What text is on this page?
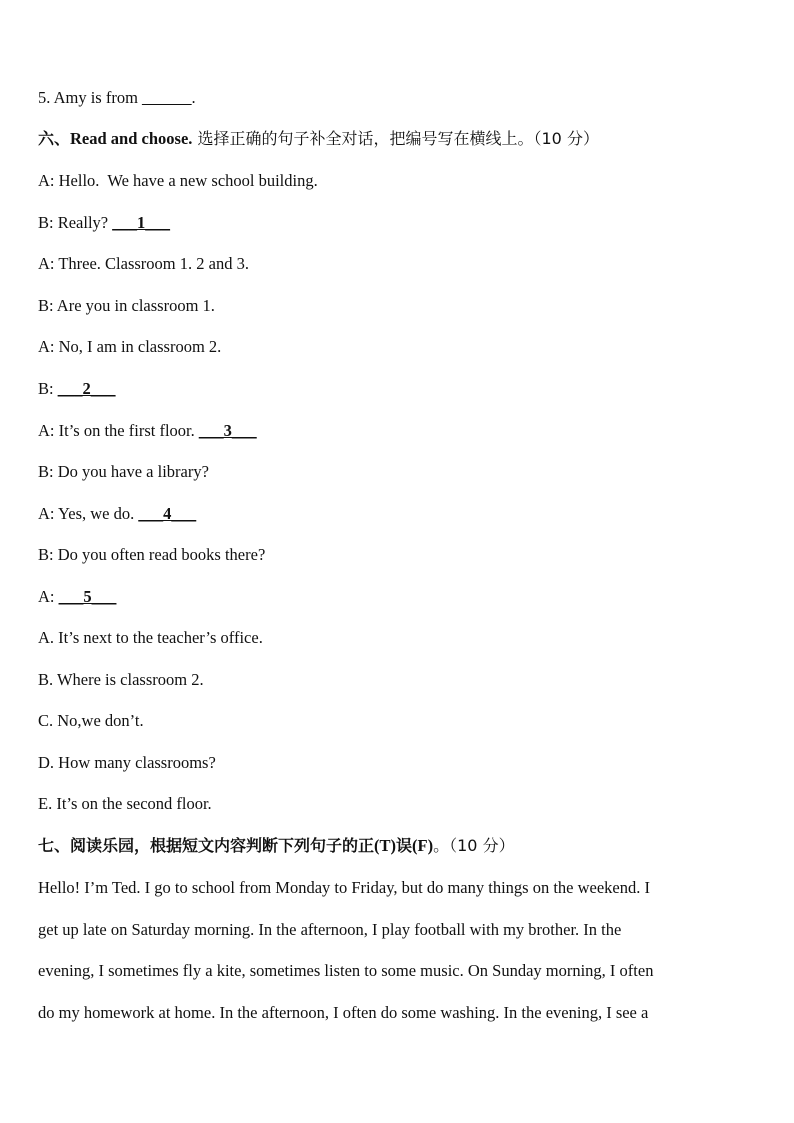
5. Amy is from ______.
六、Read and choose. 选择正确的句子补全对话，把编号写在横线上。（10 分）
A: Hello.  We have a new school building.
B: Really? ___1___
A: Three. Classroom 1. 2 and 3.
B: Are you in classroom 1.
A: No, I am in classroom 2.
B: ___2___
A: It’s on the first floor. ___3___
B: Do you have a library?
A: Yes, we do. ___4___
B: Do you often read books there?
A: ___5___
A. It’s next to the teacher’s office.
B. Where is classroom 2.
C. No,we don’t.
D. How many classrooms?
E. It’s on the second floor.
七、阅读乐园，根据短文内容判断下列句子的正(T)误(F)。（10 分）
Hello! I’m Ted. I go to school from Monday to Friday, but do many things on the weekend. I
get up late on Saturday morning. In the afternoon, I play football with my brother. In the
evening, I sometimes fly a kite, sometimes listen to some music. On Sunday morning, I often
do my homework at home. In the afternoon, I often do some washing. In the evening, I see a
